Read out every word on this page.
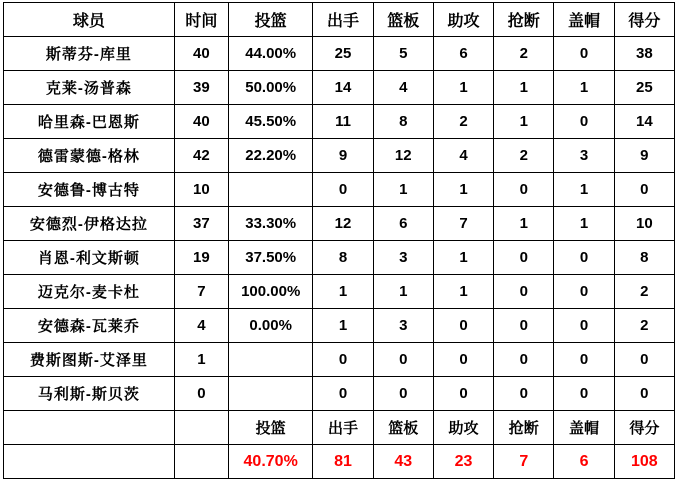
球员	时间	投篮	出手	篮板	助攻	抢断	盖帽	得分
斯蒂芬-库里	40	44.00%	25	5	6	2	0	38
克莱-汤普森	39	50.00%	14	4	1	1	1	25
哈里森-巴恩斯	40	45.50%	11	8	2	1	0	14
德雷蒙德-格林	42	22.20%	9	12	4	2	3	9
安德鲁-博古特	10		0	1	1	0	1	0
安德烈-伊格达拉	37	33.30%	12	6	7	1	1	10
肖恩-利文斯顿	19	37.50%	8	3	1	0	0	8
迈克尔-麦卡杜	7	100.00%	1	1	1	0	0	2
安德森-瓦莱乔	4	0.00%	1	3	0	0	0	2
费斯图斯-艾泽里	1		0	0	0	0	0	0
马利斯-斯贝茨	0		0	0	0	0	0	0
		投篮	出手	篮板	助攻	抢断	盖帽	得分
		40.70%	81	43	23	7	6	108
